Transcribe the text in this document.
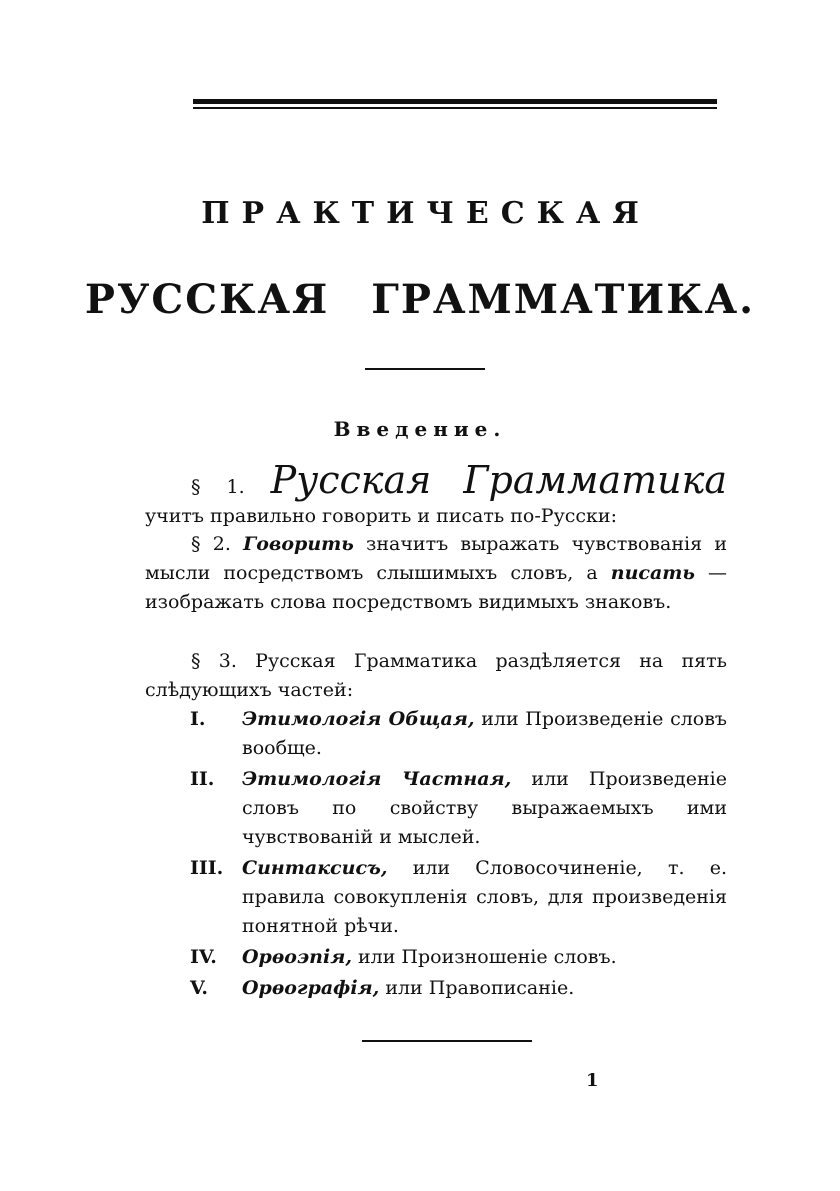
ПРАКТИЧЕСКАЯ
РУССКАЯ ГРАММАТИКА.
Введение.

§ 1. Русская Грамматика учитъ правильно говорить и писать по-Русски:

§ 2. Говорить значитъ выражать чувствованія и мысли посредствомъ слышимыхъ словъ, а писать — изображать слова посредствомъ видимыхъ знаковъ.

§ 3. Русская Грамматика раздѣляется на пять слѣдующихъ частей:

I.	Этимологія Общая, или Произведеніе словъ вообще.
II.	Этимологія Частная, или Произведеніе словъ по свойству выражаемыхъ ими чувствованій и мыслей.
III. Синтаксисъ, или Словосочиненіе, т. е. правила совокупленія словъ, для произведенія понятной рѣчи.
IV.	Орѳоэпія, или Произношеніе словъ.
V.	Орѳографія, или Правописаніе.
1
